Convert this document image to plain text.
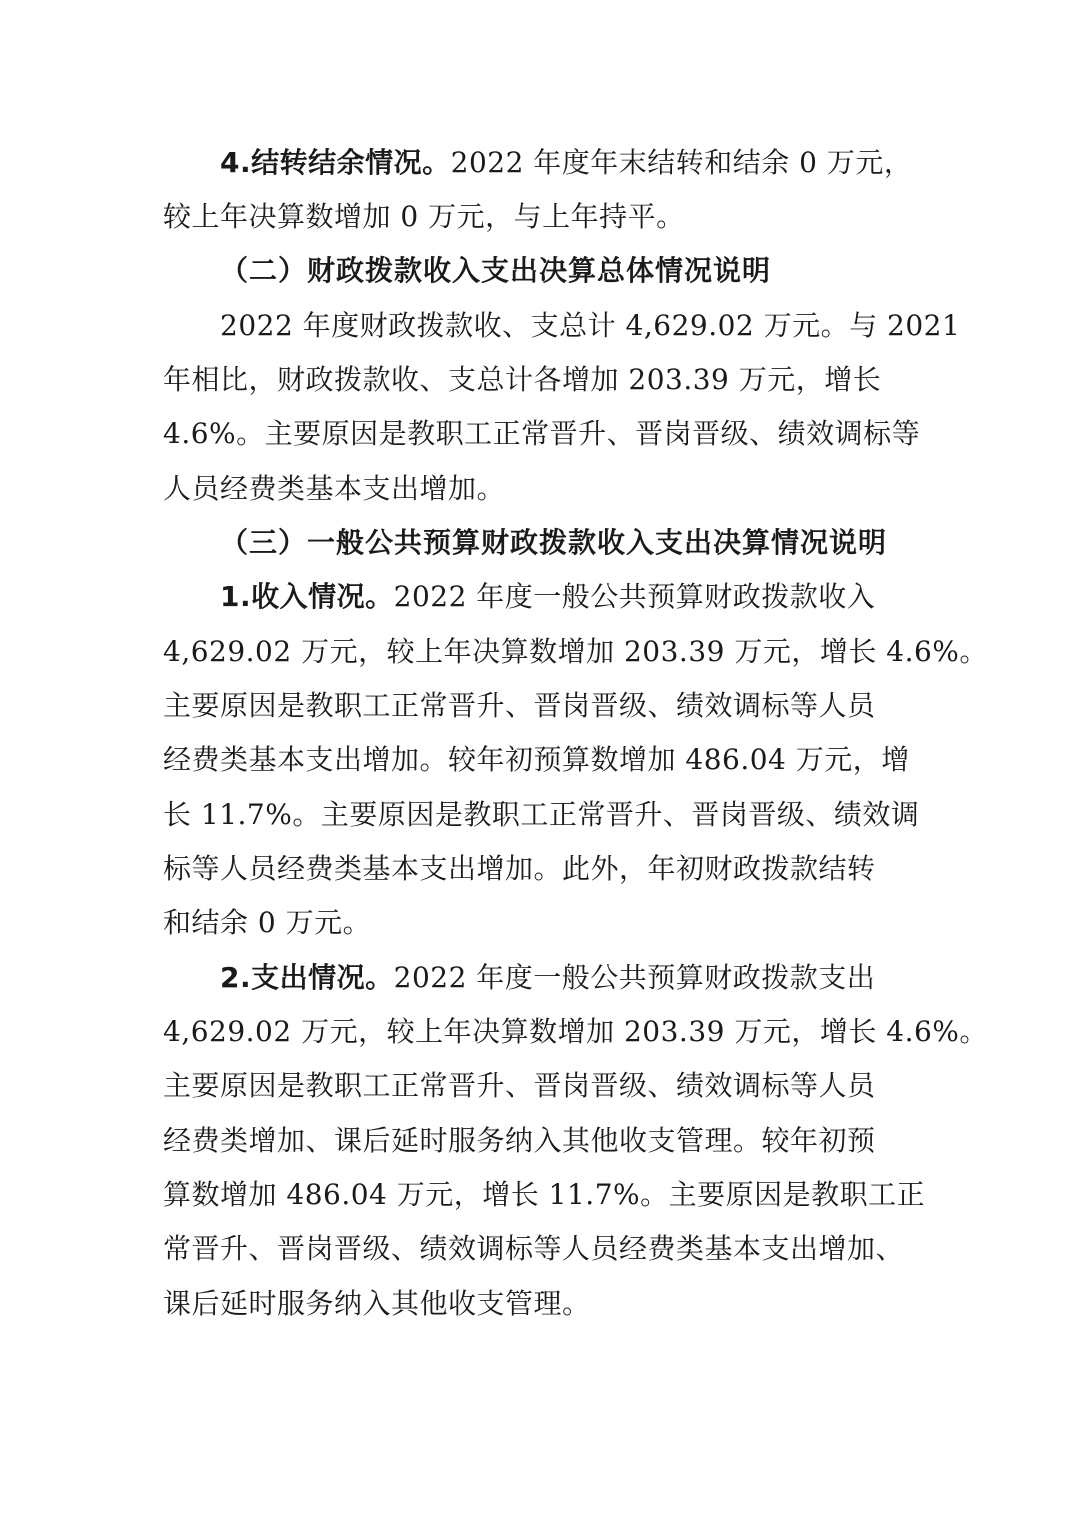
4.结转结余情况。2022 年度年末结转和结余 0 万元，
较上年决算数增加 0 万元，与上年持平。
（二）财政拨款收入支出决算总体情况说明
2022 年度财政拨款收、支总计 4,629.02 万元。与 2021
年相比，财政拨款收、支总计各增加 203.39 万元，增长
4.6%。主要原因是教职工正常晋升、晋岗晋级、绩效调标等
人员经费类基本支出增加。
（三）一般公共预算财政拨款收入支出决算情况说明
1.收入情况。2022 年度一般公共预算财政拨款收入
4,629.02 万元，较上年决算数增加 203.39 万元，增长 4.6%。
主要原因是教职工正常晋升、晋岗晋级、绩效调标等人员
经费类基本支出增加。较年初预算数增加 486.04 万元，增
长 11.7%。主要原因是教职工正常晋升、晋岗晋级、绩效调
标等人员经费类基本支出增加。此外，年初财政拨款结转
和结余 0 万元。
2.支出情况。2022 年度一般公共预算财政拨款支出
4,629.02 万元，较上年决算数增加 203.39 万元，增长 4.6%。
主要原因是教职工正常晋升、晋岗晋级、绩效调标等人员
经费类增加、课后延时服务纳入其他收支管理。较年初预
算数增加 486.04 万元，增长 11.7%。主要原因是教职工正
常晋升、晋岗晋级、绩效调标等人员经费类基本支出增加、
课后延时服务纳入其他收支管理。
